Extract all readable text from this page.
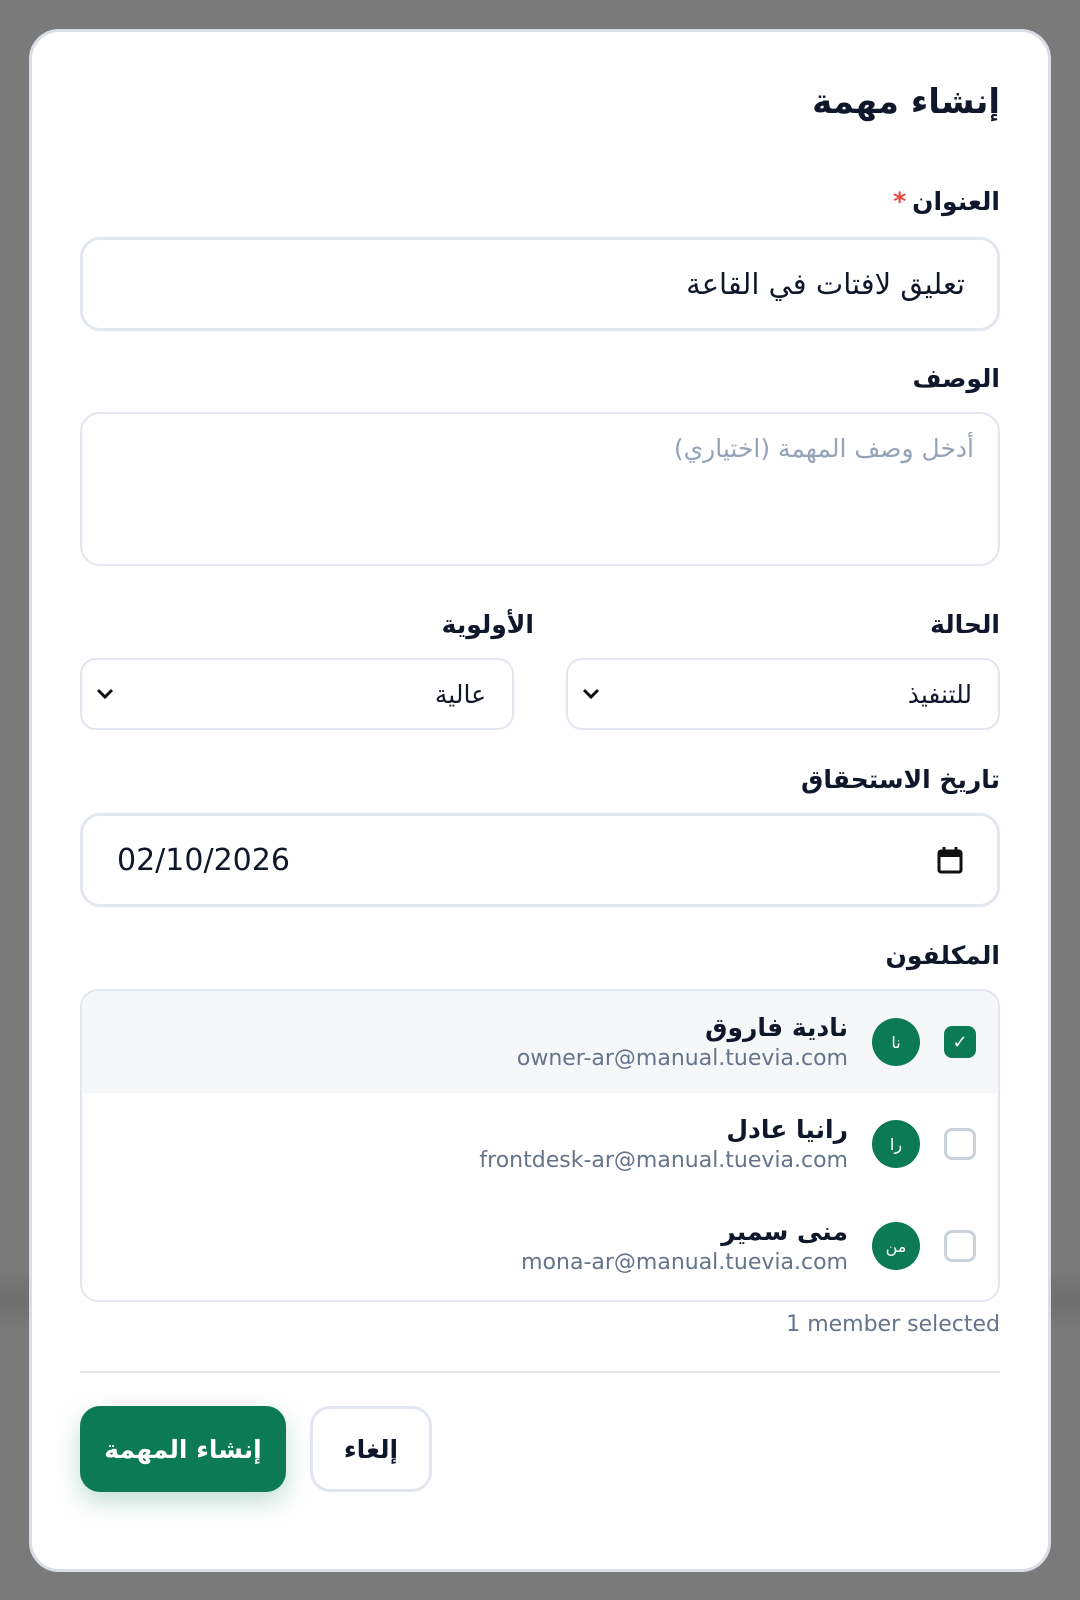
إنشاء مهمة
العنوان*
تعليق لافتات في القاعة
الوصف
أدخل وصف المهمة (اختياري)
الحالة
الأولوية
للتنفيذ
عالية
تاريخ الاستحقاق
02/10/2026
المكلفون
✓
نا
نادية فاروق
owner-ar@manual.tuevia.com
را
رانيا عادل
frontdesk-ar@manual.tuevia.com
من
منى سمير
mona-ar@manual.tuevia.com
1 member selected
إلغاء
إنشاء المهمة
